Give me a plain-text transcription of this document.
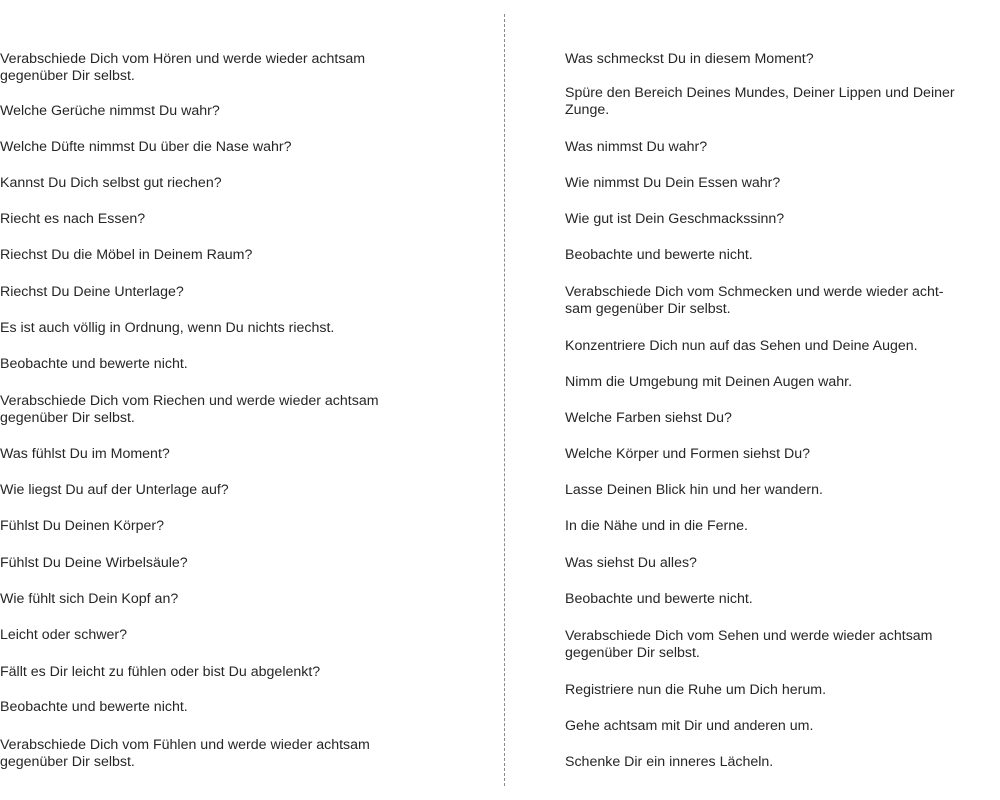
Verabschiede Dich vom Hören und werde wieder achtsam
gegenüber Dir selbst.
Welche Gerüche nimmst Du wahr?
Welche Düfte nimmst Du über die Nase wahr?
Kannst Du Dich selbst gut riechen?
Riecht es nach Essen?
Riechst Du die Möbel in Deinem Raum?
Riechst Du Deine Unterlage?
Es ist auch völlig in Ordnung, wenn Du nichts riechst.
Beobachte und bewerte nicht.
Verabschiede Dich vom Riechen und werde wieder achtsam
gegenüber Dir selbst.
Was fühlst Du im Moment?
Wie liegst Du auf der Unterlage auf?
Fühlst Du Deinen Körper?
Fühlst Du Deine Wirbelsäule?
Wie fühlt sich Dein Kopf an?
Leicht oder schwer?
Fällt es Dir leicht zu fühlen oder bist Du abgelenkt?
Beobachte und bewerte nicht.
Verabschiede Dich vom Fühlen und werde wieder achtsam
gegenüber Dir selbst.
Was schmeckst Du in diesem Moment?
Spüre den Bereich Deines Mundes, Deiner Lippen und Deiner
Zunge.
Was nimmst Du wahr?
Wie nimmst Du Dein Essen wahr?
Wie gut ist Dein Geschmackssinn?
Beobachte und bewerte nicht.
Verabschiede Dich vom Schmecken und werde wieder acht-
sam gegenüber Dir selbst.
Konzentriere Dich nun auf das Sehen und Deine Augen.
Nimm die Umgebung mit Deinen Augen wahr.
Welche Farben siehst Du?
Welche Körper und Formen siehst Du?
Lasse Deinen Blick hin und her wandern.
In die Nähe und in die Ferne.
Was siehst Du alles?
Beobachte und bewerte nicht.
Verabschiede Dich vom Sehen und werde wieder achtsam
gegenüber Dir selbst.
Registriere nun die Ruhe um Dich herum.
Gehe achtsam mit Dir und anderen um.
Schenke Dir ein inneres Lächeln.
